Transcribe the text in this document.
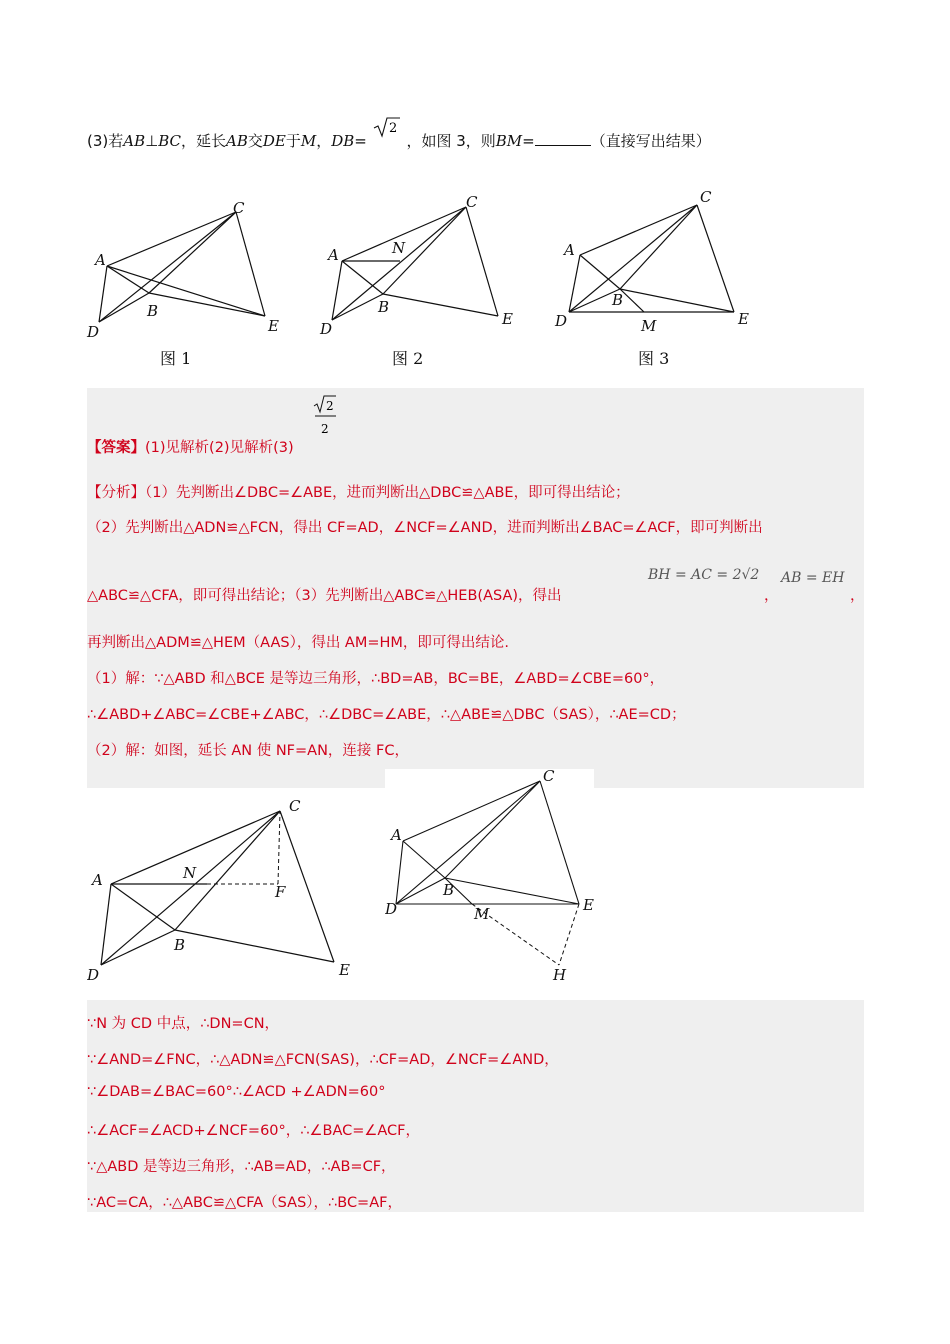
(3)若AB⊥BC，延长AB交DE于M，DB=
2
，如图 3，则BM=	（直接写出结果）
A
B
C
D	E
图 1
A	N
B
C
D
E
图 2
A
B
C
D	M	E
图 3
2
2
【答案】(1)见解析(2)见解析(3)
【分析】（1）先判断出∠DBC=∠ABE，进而判断出△DBC≌△ABE，即可得出结论；
（2）先判断出△ADN≌△FCN，得出 CF=AD，∠NCF=∠AND，进而判断出∠BAC=∠ACF，即可判断出
△ABC≌△CFA，即可得出结论；（3）先判断出△ABC≌△HEB(ASA)，得出
BH = AC = 2√2
，
AB = EH
，
再判断出△ADM≌△HEM（AAS），得出 AM=HM，即可得出结论.
（1）解：∵△ABD 和△BCE 是等边三角形，∴BD=AB，BC=BE，∠ABD=∠CBE=60°，
∴∠ABD+∠ABC=∠CBE+∠ABC，∴∠DBC=∠ABE，∴△ABE≌△DBC（SAS），∴AE=CD；
（2）解：如图，延长 AN 使 NF=AN，连接 FC，
A	N
B
C
F
D	E
A
B
C
D	M	E
H
∵N 为 CD 中点，∴DN=CN，
∵∠AND=∠FNC，∴△ADN≌△FCN(SAS)，∴CF=AD，∠NCF=∠AND，
∵∠DAB=∠BAC=60°∴∠ACD +∠ADN=60°
∴∠ACF=∠ACD+∠NCF=60°，∴∠BAC=∠ACF，
∵△ABD 是等边三角形，∴AB=AD，∴AB=CF，
∵AC=CA，∴△ABC≌△CFA（SAS），∴BC=AF，
